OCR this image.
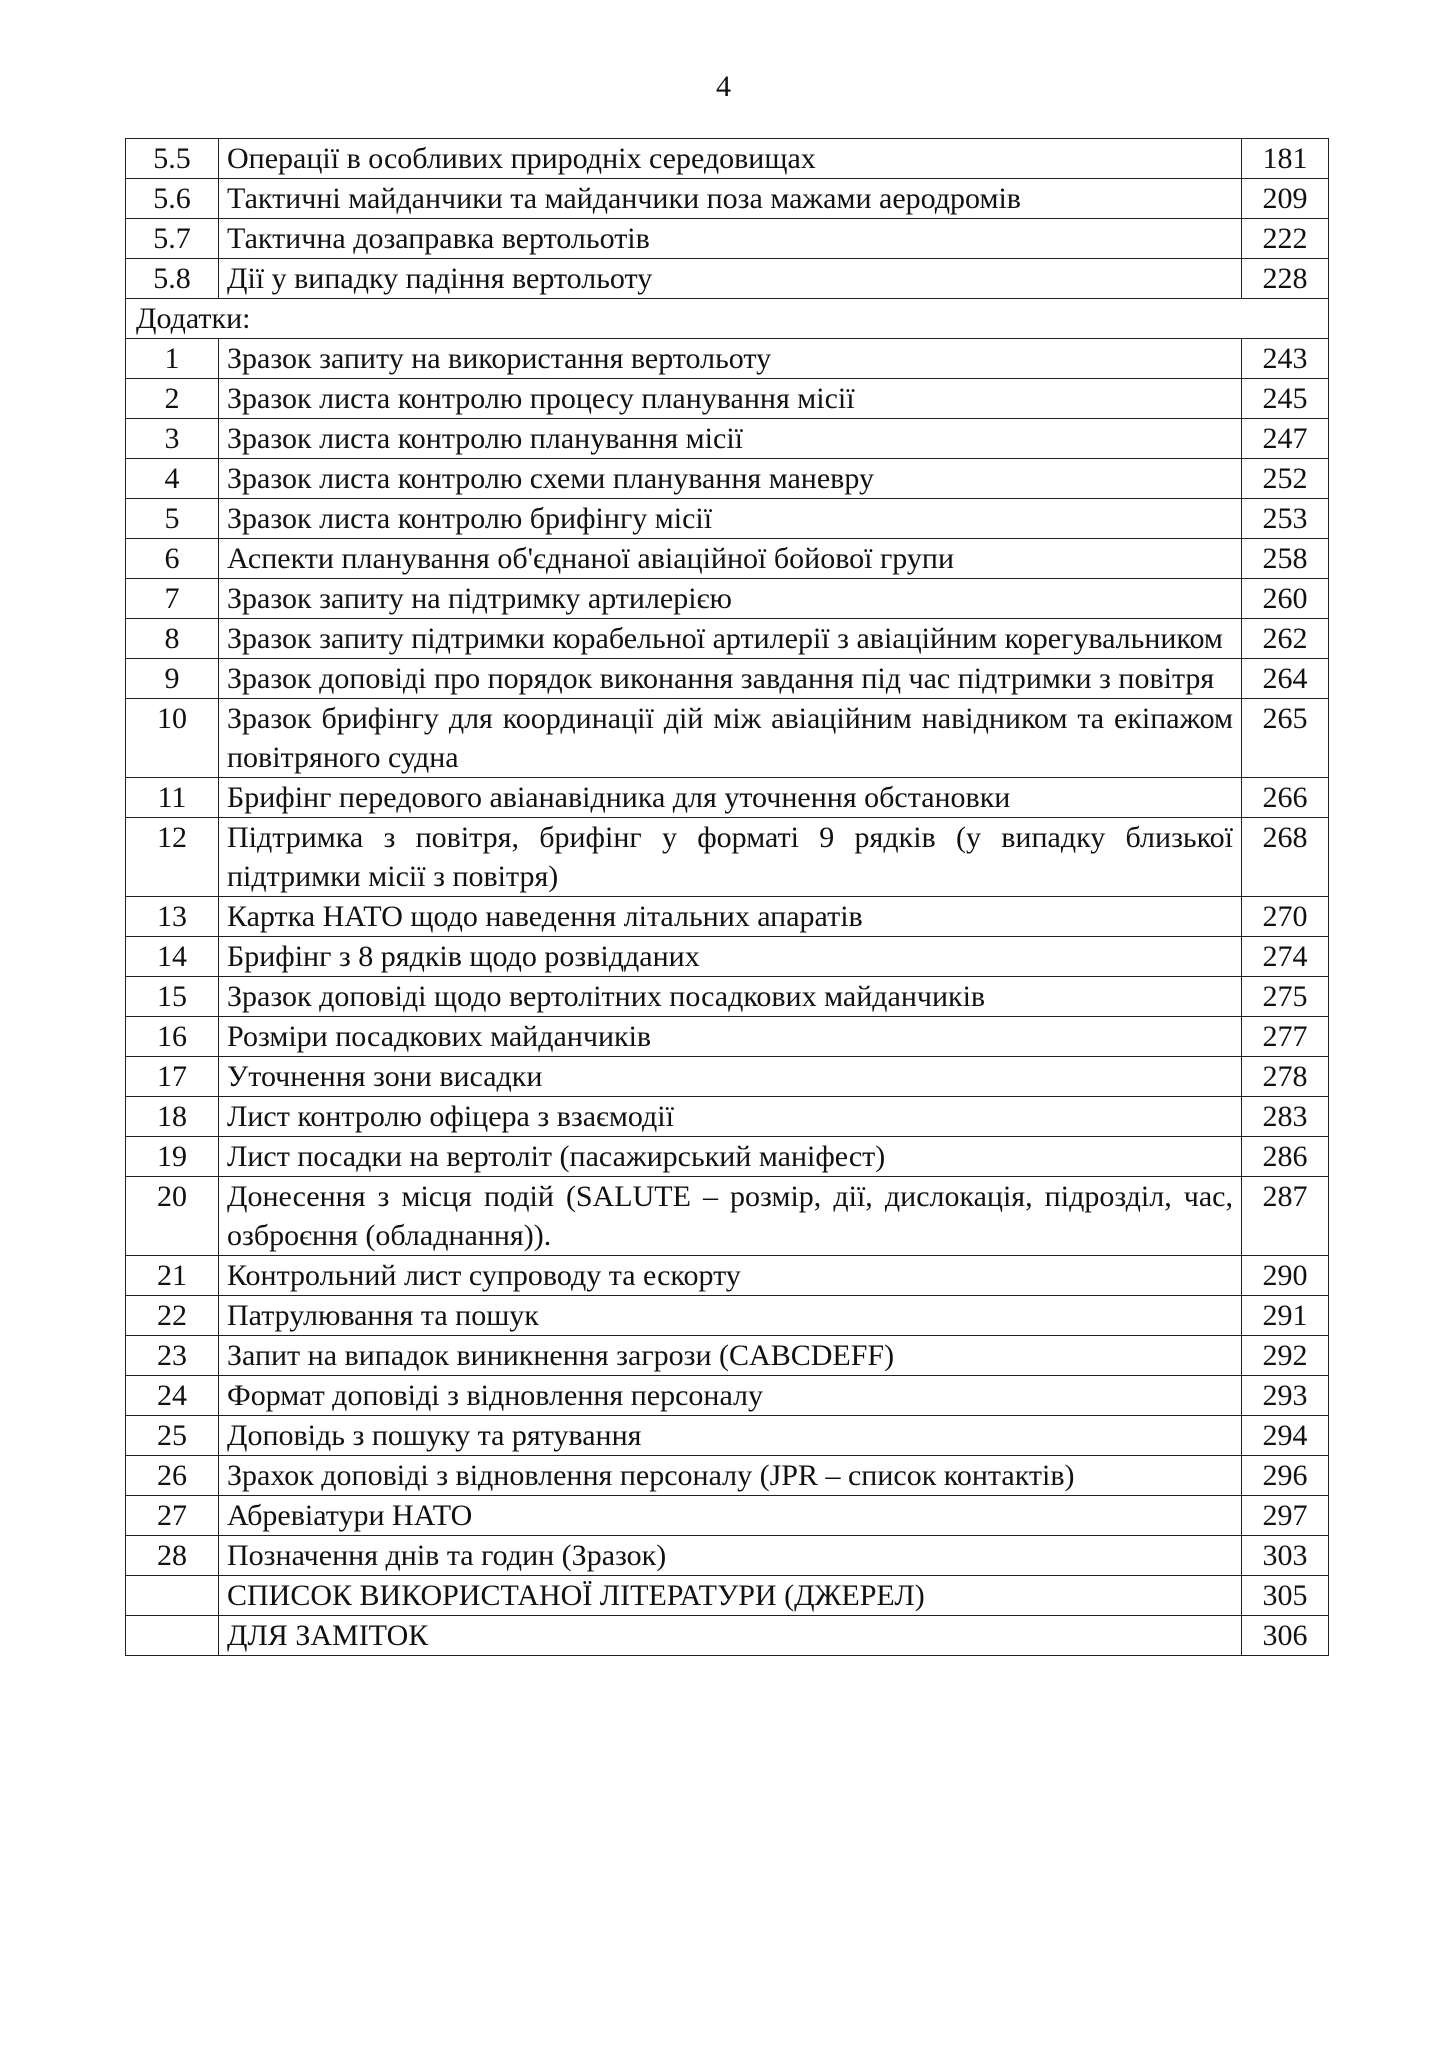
4
5.5	Операції в особливих природніх середовищах	181
5.6	Тактичні майданчики та майданчики поза мажами аеродромів	209
5.7	Тактична дозаправка вертольотів	222
5.8	Дії у випадку падіння вертольоту	228
Додатки:		
1	Зразок запиту на використання вертольоту	243
2	Зразок листа контролю процесу планування місії	245
3	Зразок листа контролю планування місії	247
4	Зразок листа контролю схеми планування маневру	252
5	Зразок листа контролю брифінгу місії	253
6	Аспекти планування об'єднаної авіаційної бойової групи	258
7	Зразок запиту на підтримку артилерією	260
8	Зразок запиту підтримки корабельної артилерії з авіаційним корегувальником	262
9	Зразок доповіді про порядок виконання завдання під час підтримки з повітря	264
10	Зразок брифінгу для координації дій між авіаційним навідником та екіпажом повітряного судна	265
11	Брифінг передового авіанавідника для уточнення обстановки	266
12	Підтримка з повітря, брифінг у форматі 9 рядків (у випадку близької підтримки місії з повітря)	268
13	Картка НАТО щодо наведення літальних апаратів	270
14	Брифінг з 8 рядків щодо розвідданих	274
15	Зразок доповіді щодо вертолітних посадкових майданчиків	275
16	Розміри посадкових майданчиків	277
17	Уточнення зони висадки	278
18	Лист контролю офіцера з взаємодії	283
19	Лист посадки на вертоліт (пасажирський маніфест)	286
20	Донесення з місця подій (SALUTE – розмір, дії, дислокація, підрозділ, час, озброєння (обладнання)).	287
21	Контрольний лист супроводу та ескорту	290
22	Патрулювання та пошук	291
23	Запит на випадок виникнення загрози (CABCDEFF)	292
24	Формат доповіді з відновлення персоналу	293
25	Доповідь з пошуку та рятування	294
26	Зрахок доповіді з відновлення персоналу (JPR – список контактів)	296
27	Абревіатури НАТО	297
28	Позначення днів та годин (Зразок)	303
	СПИСОК ВИКОРИСТАНОЇ ЛІТЕРАТУРИ (ДЖЕРЕЛ)	305
	ДЛЯ ЗАМІТОК	306
